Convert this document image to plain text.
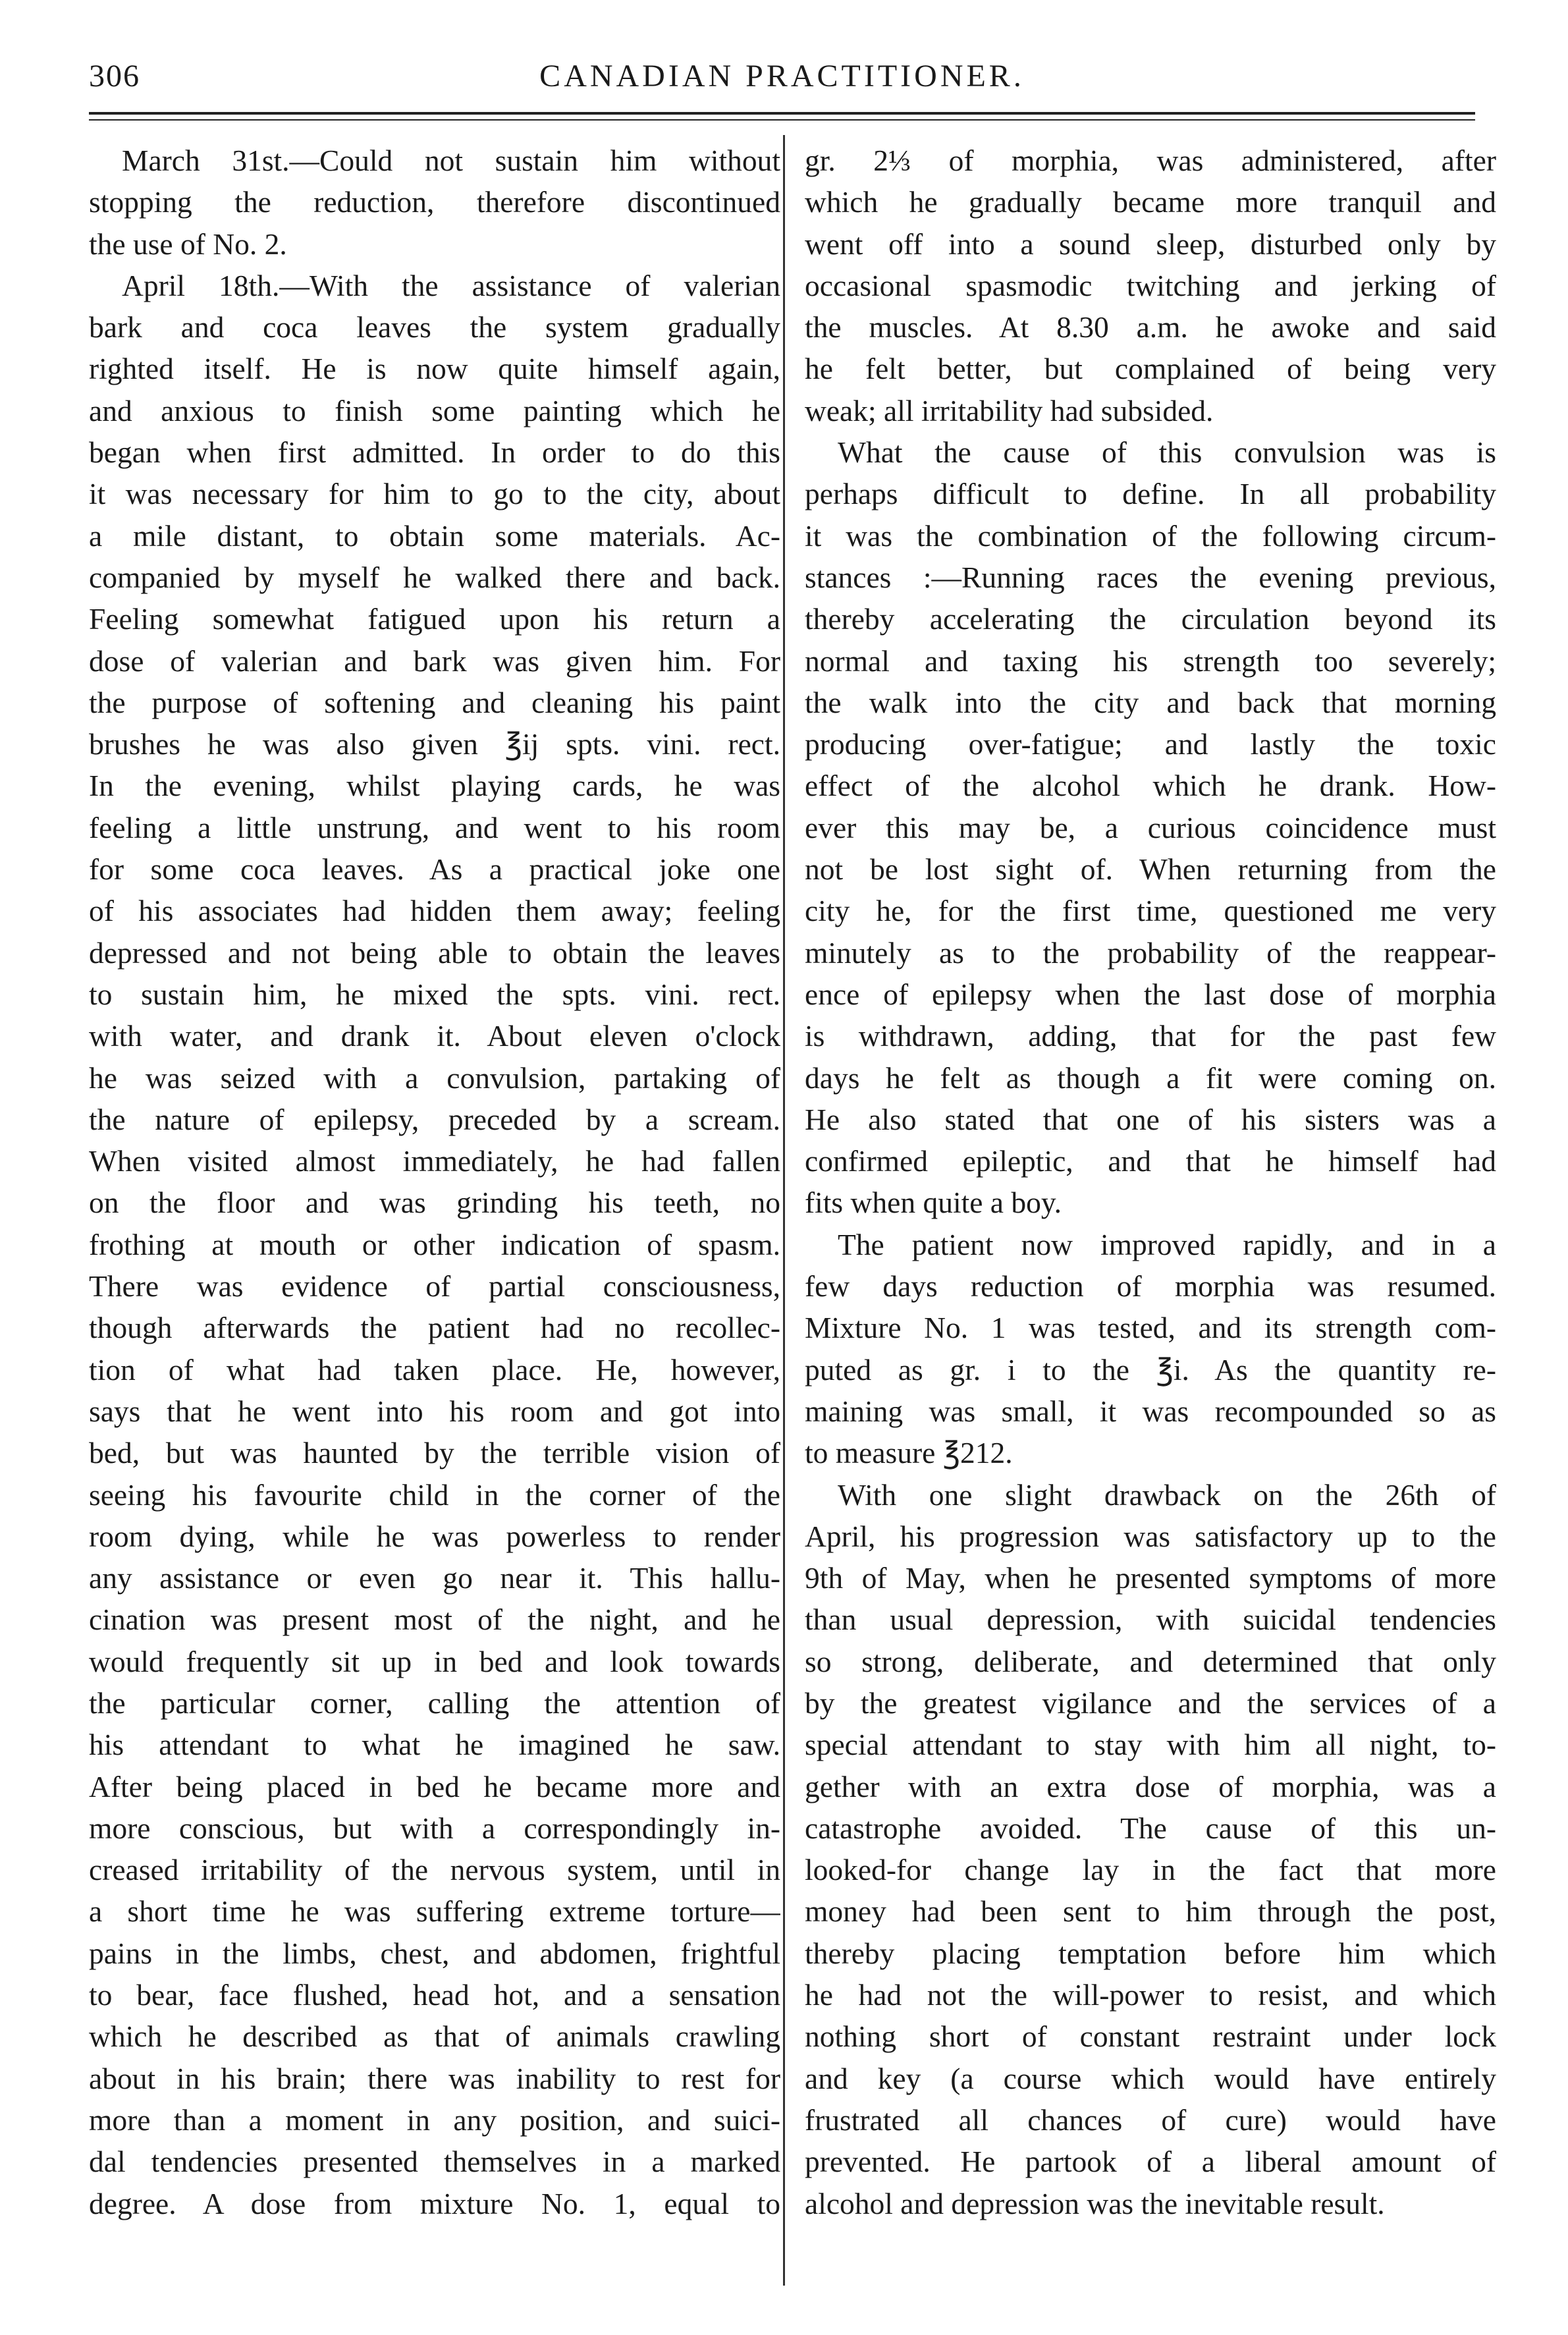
306	CANADIAN PRACTITIONER.
March 31st.—Could not sustain him without
stopping the reduction, therefore discontinued
the use of No. 2.
April 18th.—With the assistance of valerian
bark and coca leaves the system gradually
righted itself. He is now quite himself again,
and anxious to finish some painting which he
began when first admitted. In order to do this
it was necessary for him to go to the city, about
a mile distant, to obtain some materials. Ac-
companied by myself he walked there and back.
Feeling somewhat fatigued upon his return a
dose of valerian and bark was given him. For
the purpose of softening and cleaning his paint
brushes he was also given ℥ij spts. vini. rect.
In the evening, whilst playing cards, he was
feeling a little unstrung, and went to his room
for some coca leaves. As a practical joke one
of his associates had hidden them away; feeling
depressed and not being able to obtain the leaves
to sustain him, he mixed the spts. vini. rect.
with water, and drank it. About eleven o'clock
he was seized with a convulsion, partaking of
the nature of epilepsy, preceded by a scream.
When visited almost immediately, he had fallen
on the floor and was grinding his teeth, no
frothing at mouth or other indication of spasm.
There was evidence of partial consciousness,
though afterwards the patient had no recollec-
tion of what had taken place. He, however,
says that he went into his room and got into
bed, but was haunted by the terrible vision of
seeing his favourite child in the corner of the
room dying, while he was powerless to render
any assistance or even go near it. This hallu-
cination was present most of the night, and he
would frequently sit up in bed and look towards
the particular corner, calling the attention of
his attendant to what he imagined he saw.
After being placed in bed he became more and
more conscious, but with a correspondingly in-
creased irritability of the nervous system, until in
a short time he was suffering extreme torture—
pains in the limbs, chest, and abdomen, frightful
to bear, face flushed, head hot, and a sensation
which he described as that of animals crawling
about in his brain; there was inability to rest for
more than a moment in any position, and suici-
dal tendencies presented themselves in a marked
degree. A dose from mixture No. 1, equal to
gr. 2⅓ of morphia, was administered, after
which he gradually became more tranquil and
went off into a sound sleep, disturbed only by
occasional spasmodic twitching and jerking of
the muscles. At 8.30 a.m. he awoke and said
he felt better, but complained of being very
weak; all irritability had subsided.
What the cause of this convulsion was is
perhaps difficult to define. In all probability
it was the combination of the following circum-
stances :—Running races the evening previous,
thereby accelerating the circulation beyond its
normal and taxing his strength too severely;
the walk into the city and back that morning
producing over-fatigue; and lastly the toxic
effect of the alcohol which he drank. How-
ever this may be, a curious coincidence must
not be lost sight of. When returning from the
city he, for the first time, questioned me very
minutely as to the probability of the reappear-
ence of epilepsy when the last dose of morphia
is withdrawn, adding, that for the past few
days he felt as though a fit were coming on.
He also stated that one of his sisters was a
confirmed epileptic, and that he himself had
fits when quite a boy.
The patient now improved rapidly, and in a
few days reduction of morphia was resumed.
Mixture No. 1 was tested, and its strength com-
puted as gr. i to the ℥i. As the quantity re-
maining was small, it was recompounded so as
to measure ℥212.
With one slight drawback on the 26th of
April, his progression was satisfactory up to the
9th of May, when he presented symptoms of more
than usual depression, with suicidal tendencies
so strong, deliberate, and determined that only
by the greatest vigilance and the services of a
special attendant to stay with him all night, to-
gether with an extra dose of morphia, was a
catastrophe avoided. The cause of this un-
looked-for change lay in the fact that more
money had been sent to him through the post,
thereby placing temptation before him which
he had not the will-power to resist, and which
nothing short of constant restraint under lock
and key (a course which would have entirely
frustrated all chances of cure) would have
prevented. He partook of a liberal amount of
alcohol and depression was the inevitable result.
